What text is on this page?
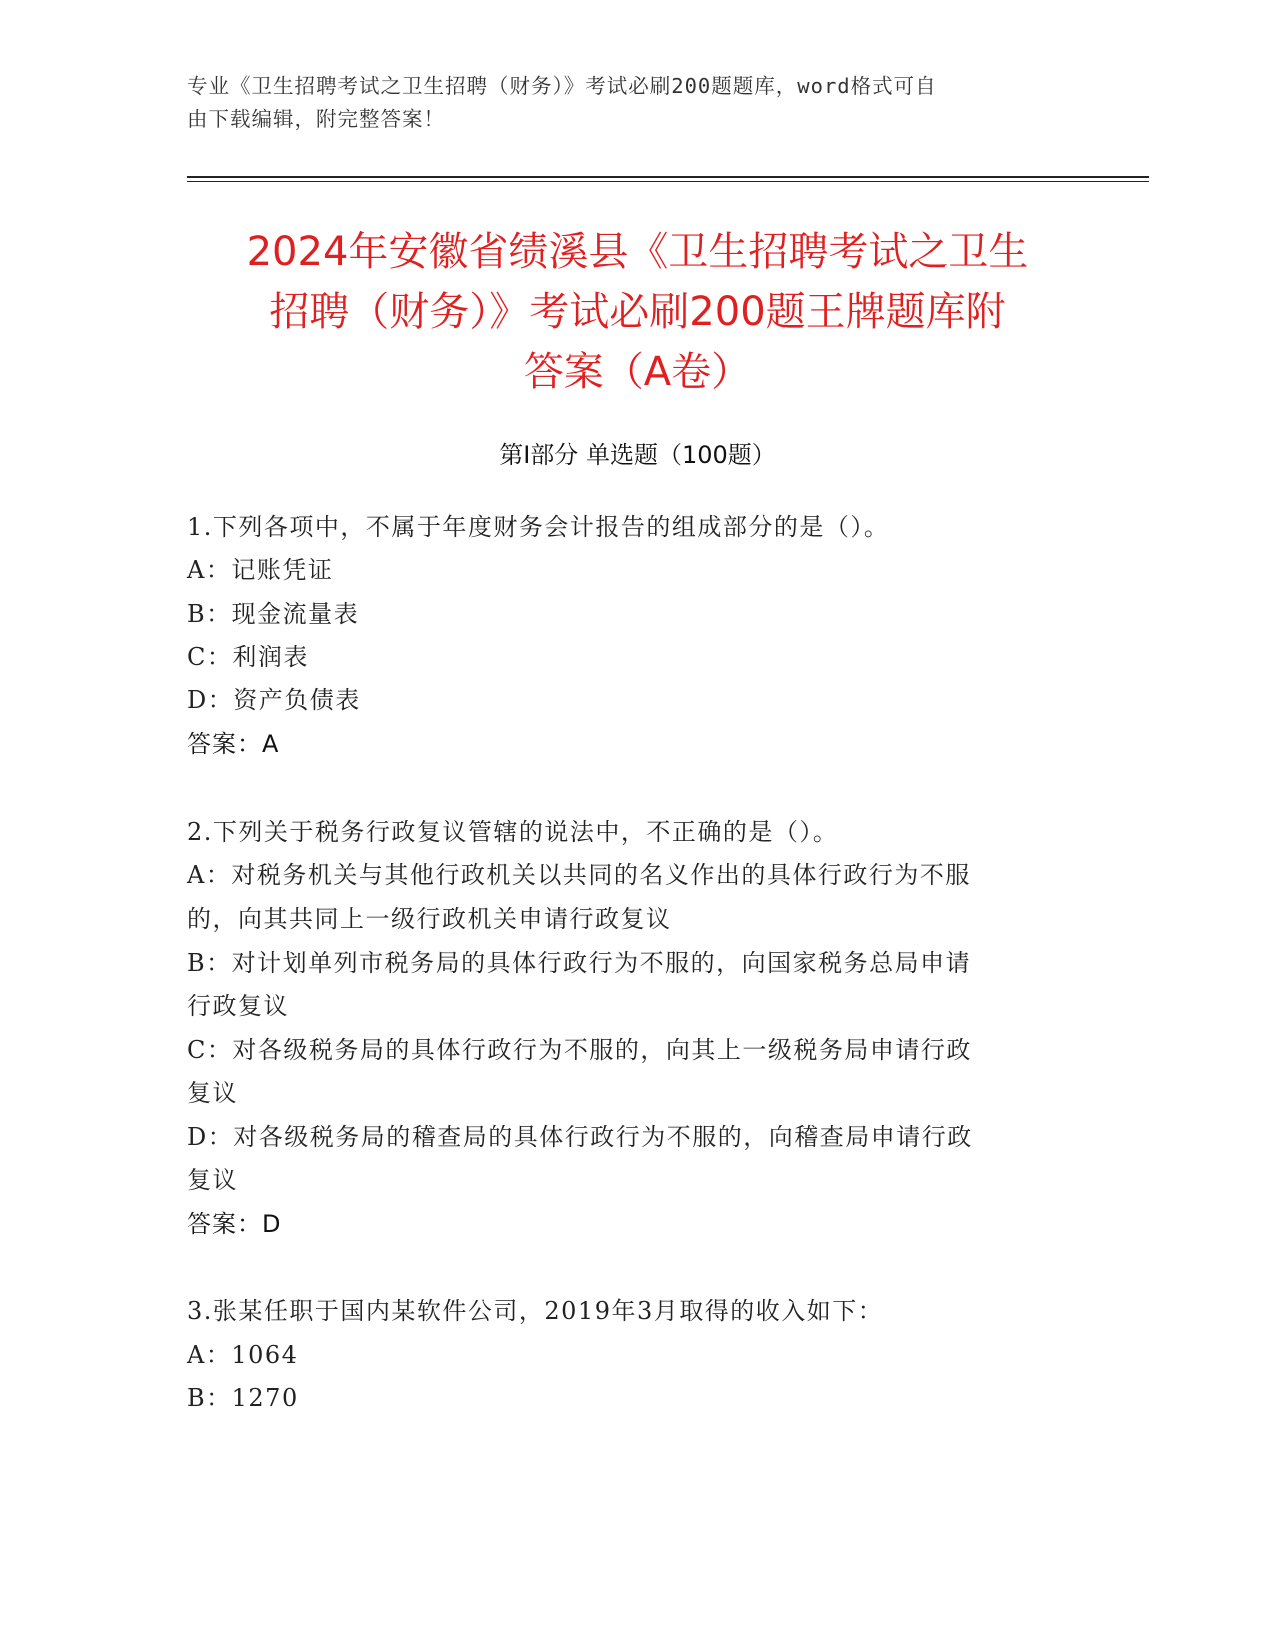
专业《卫生招聘考试之卫生招聘（财务）》考试必刷200题题库，word格式可自
由下载编辑，附完整答案！
2024年安徽省绩溪县《卫生招聘考试之卫生
招聘（财务）》考试必刷200题王牌题库附
答案（A卷）
第Ⅰ部分 单选题（100题）
1.下列各项中，不属于年度财务会计报告的组成部分的是（）。
A：记账凭证
B：现金流量表
C：利润表
D：资产负债表
答案：A
2.下列关于税务行政复议管辖的说法中，不正确的是（）。
A：对税务机关与其他行政机关以共同的名义作出的具体行政行为不服
的，向其共同上一级行政机关申请行政复议
B：对计划单列市税务局的具体行政行为不服的，向国家税务总局申请
行政复议
C：对各级税务局的具体行政行为不服的，向其上一级税务局申请行政
复议
D：对各级税务局的稽查局的具体行政行为不服的，向稽查局申请行政
复议
答案：D
3.张某任职于国内某软件公司，2019年3月取得的收入如下：
A：1064
B：1270
